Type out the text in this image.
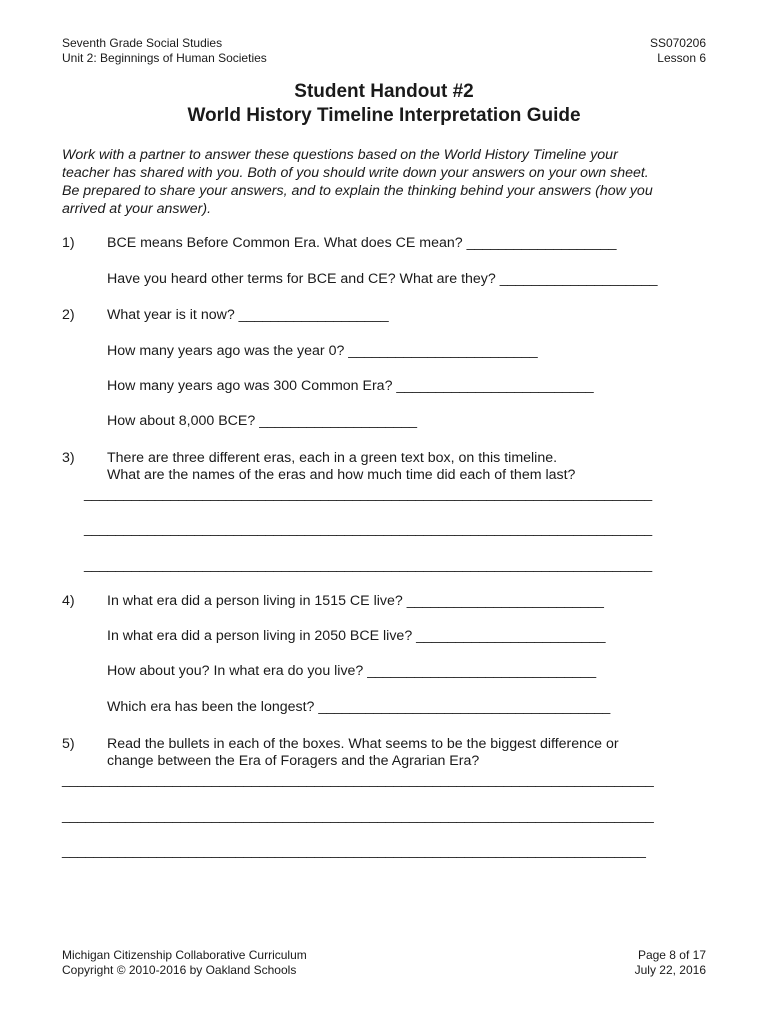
Seventh Grade Social Studies
Unit 2: Beginnings of Human Societies
SS070206
Lesson 6
Student Handout #2
World History Timeline Interpretation Guide
Work with a partner to answer these questions based on the World History Timeline your
teacher has shared with you. Both of you should write down your answers on your own sheet.
Be prepared to share your answers, and to explain the thinking behind your answers (how you
arrived at your answer).
1) BCE means Before Common Era. What does CE mean? ___________________
Have you heard other terms for BCE and CE? What are they? ____________________
2) What year is it now? ___________________
How many years ago was the year 0? ________________________
How many years ago was 300 Common Era? _________________________
How about 8,000 BCE? ____________________
3) There are three different eras, each in a green text box, on this timeline.
What are the names of the eras and how much time did each of them last?
________________________________________________________________________
________________________________________________________________________
________________________________________________________________________
4) In what era did a person living in 1515 CE live? _________________________
In what era did a person living in 2050 BCE live? ________________________
How about you? In what era do you live? _____________________________
Which era has been the longest? _____________________________________
5) Read the bullets in each of the boxes. What seems to be the biggest difference or
change between the Era of Foragers and the Agrarian Era?
___________________________________________________________________________
___________________________________________________________________________
__________________________________________________________________________
Michigan Citizenship Collaborative Curriculum
Copyright © 2010-2016 by Oakland Schools
Page 8 of 17
July 22, 2016
